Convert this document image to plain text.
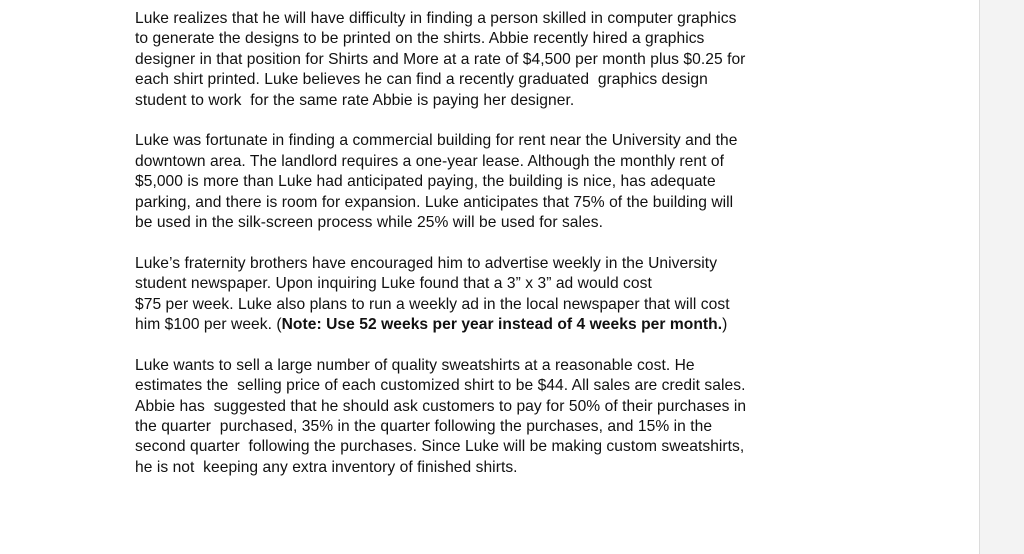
Luke realizes that he will have difficulty in finding a person skilled in computer graphics
to generate the designs to be printed on the shirts. Abbie recently hired a graphics
designer in that position for Shirts and More at a rate of $4,500 per month plus $0.25 for
each shirt printed. Luke believes he can find a recently graduated  graphics design
student to work  for the same rate Abbie is paying her designer.

Luke was fortunate in finding a commercial building for rent near the University and the
downtown area. The landlord requires a one-year lease. Although the monthly rent of
$5,000 is more than Luke had anticipated paying, the building is nice, has adequate
parking, and there is room for expansion. Luke anticipates that 75% of the building will
be used in the silk-screen process while 25% will be used for sales.

Luke’s fraternity brothers have encouraged him to advertise weekly in the University
student newspaper. Upon inquiring Luke found that a 3” x 3” ad would cost
$75 per week. Luke also plans to run a weekly ad in the local newspaper that will cost
him $100 per week. (Note: Use 52 weeks per year instead of 4 weeks per month.)

Luke wants to sell a large number of quality sweatshirts at a reasonable cost. He
estimates the  selling price of each customized shirt to be $44. All sales are credit sales.
Abbie has  suggested that he should ask customers to pay for 50% of their purchases in
the quarter  purchased, 35% in the quarter following the purchases, and 15% in the
second quarter  following the purchases. Since Luke will be making custom sweatshirts,
he is not  keeping any extra inventory of finished shirts.
